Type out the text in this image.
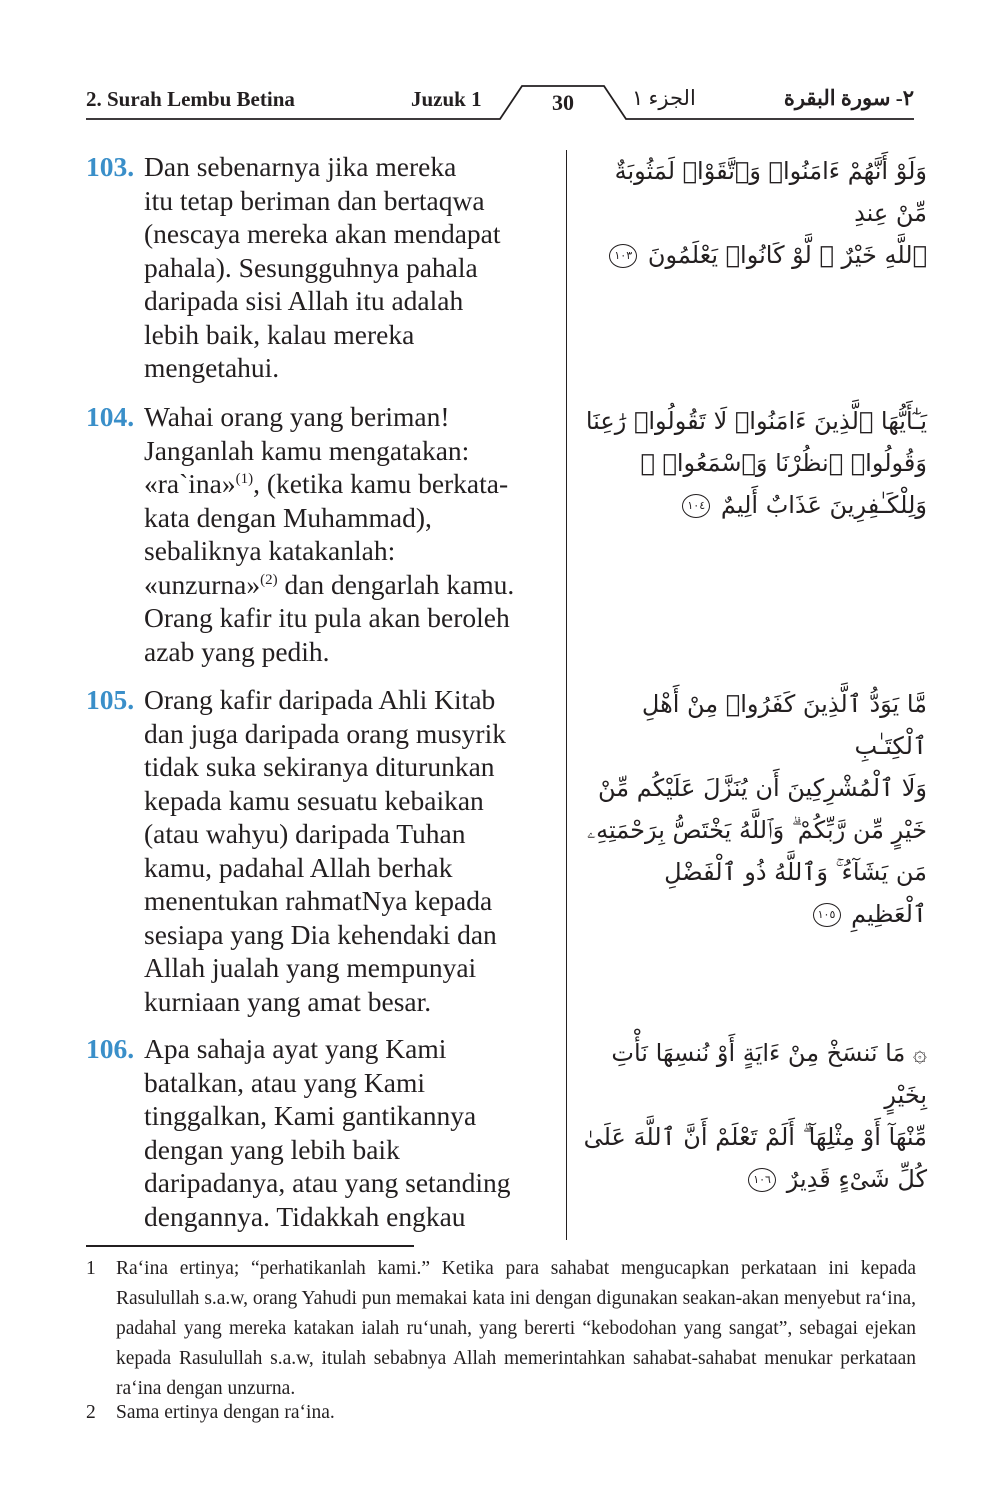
2. Surah Lembu Betina	Juzuk 1	30	الجزء ١	٢- سورة البقرة
103. Dan sebenarnya jika mereka
itu tetap beriman dan bertaqwa
(nescaya mereka akan mendapat
pahala). Sesungguhnya pahala
daripada sisi Allah itu adalah
lebih baik, kalau mereka
mengetahui.
وَلَوْ أَنَّهُمْ ءَامَنُوا۟ وَٱتَّقَوْا۟ لَمَثُوبَةٌ مِّنْ عِندِ
ٱللَّهِ خَيْرٌ ۖ لَّوْ كَانُوا۟ يَعْلَمُونَ ١٠٣
104. Wahai orang yang beriman!
Janganlah kamu mengatakan:
«ra`ina»$^{(1)}$, (ketika kamu berkata-
kata dengan Muhammad),
sebaliknya katakanlah:
«unzurna»$^{(2)}$ dan dengarlah kamu.
Orang kafir itu pula akan beroleh
azab yang pedih.
يَـٰٓأَيُّهَا ٱلَّذِينَ ءَامَنُوا۟ لَا تَقُولُوا۟ رَٰعِنَا
وَقُولُوا۟ ٱنظُرْنَا وَٱسْمَعُوا۟ ۗ
وَلِلْكَـٰفِرِينَ عَذَابٌ أَلِيمٌ ١٠٤
105. Orang kafir daripada Ahli Kitab
dan juga daripada orang musyrik
tidak suka sekiranya diturunkan
kepada kamu sesuatu kebaikan
(atau wahyu) daripada Tuhan
kamu, padahal Allah berhak
menentukan rahmatNya kepada
sesiapa yang Dia kehendaki dan
Allah jualah yang mempunyai
kurniaan yang amat besar.
مَّا يَوَدُّ ٱلَّذِينَ كَفَرُوا۟ مِنْ أَهْلِ ٱلْكِتَـٰبِ
وَلَا ٱلْمُشْرِكِينَ أَن يُنَزَّلَ عَلَيْكُم مِّنْ
خَيْرٍ مِّن رَّبِّكُمْ ۗ وَٱللَّهُ يَخْتَصُّ بِرَحْمَتِهِۦ
مَن يَشَآءُ ۚ وَٱللَّهُ ذُو ٱلْفَضْلِ ٱلْعَظِيمِ ١٠٥
106. Apa sahaja ayat yang Kami
batalkan, atau yang Kami
tinggalkan, Kami gantikannya
dengan yang lebih baik
daripadanya, atau yang setanding
dengannya. Tidakkah engkau
۞ مَا نَنسَخْ مِنْ ءَايَةٍ أَوْ نُنسِهَا نَأْتِ بِخَيْرٍ
مِّنْهَآ أَوْ مِثْلِهَآ ۗ أَلَمْ تَعْلَمْ أَنَّ ٱللَّهَ عَلَىٰ
كُلِّ شَىْءٍ قَدِيرٌ ١٠٦
1 Ra‘ina ertinya; “perhatikanlah kami.” Ketika para sahabat mengucapkan perkataan ini kepada Rasulullah s.a.w, orang Yahudi pun memakai kata ini dengan digunakan seakan-akan menyebut ra‘ina, padahal yang mereka katakan ialah ru‘unah, yang bererti “kebodohan yang sangat”, sebagai ejekan kepada Rasulullah s.a.w, itulah sebabnya Allah memerintahkan sahabat-sahabat menukar perkataan ra‘ina dengan unzurna.
2 Sama ertinya dengan ra‘ina.
